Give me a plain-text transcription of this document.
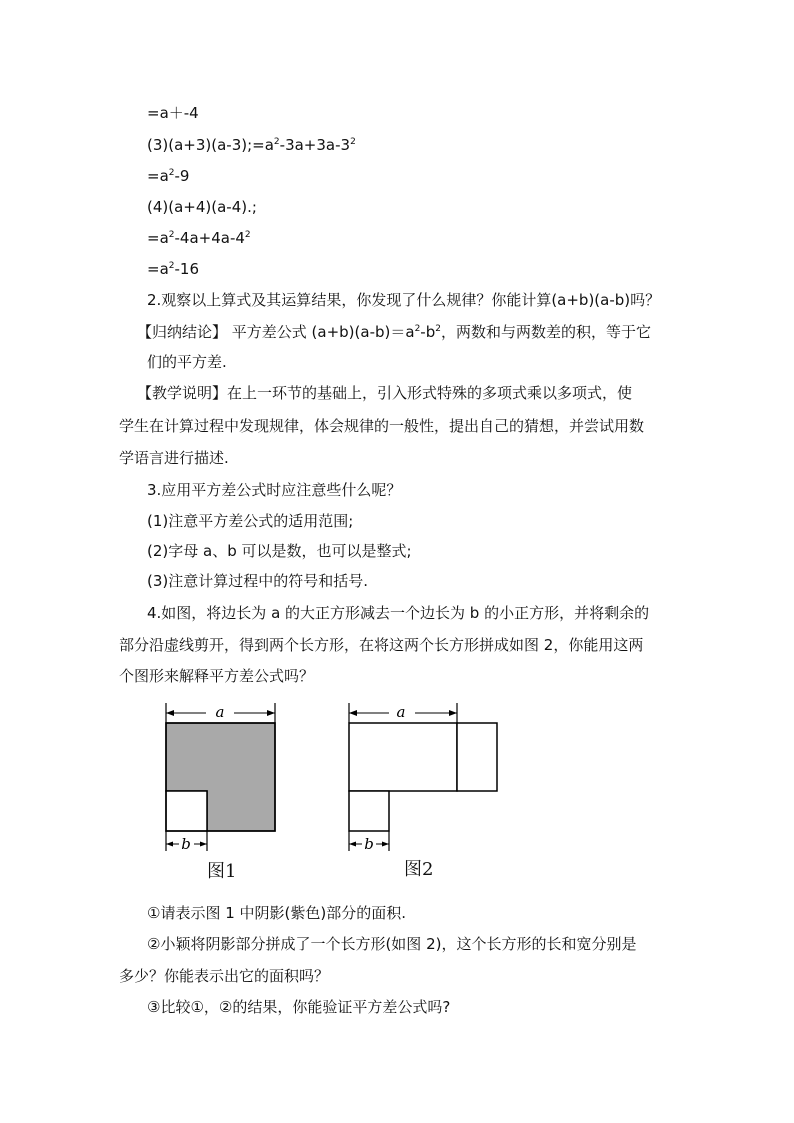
=a＋-4
$(3)(a+3)(a-3);=a^2-3a+3a-3^2$
$=a^2-9$
(4)(a+4)(a-4).;
$=a^2-4a+4a-4^2$
$=a^2-16$
2.观察以上算式及其运算结果，你发现了什么规律？你能计算(a+b)(a-b)吗？
【归纳结论】 平方差公式 $(a+b)(a-b)=a^2-b^2$，两数和与两数差的积，等于它
们的平方差.
【教学说明】在上一环节的基础上，引入形式特殊的多项式乘以多项式，使
学生在计算过程中发现规律，体会规律的一般性，提出自己的猜想，并尝试用数
学语言进行描述.
3.应用平方差公式时应注意些什么呢？
(1)注意平方差公式的适用范围;
(2)字母 a、b 可以是数，也可以是整式;
(3)注意计算过程中的符号和括号.
4.如图，将边长为 a 的大正方形减去一个边长为 b 的小正方形，并将剩余的
部分沿虚线剪开，得到两个长方形，在将这两个长方形拼成如图 2，你能用这两
个图形来解释平方差公式吗？
a
b
图1
a
b
图2
①请表示图 1 中阴影(紫色)部分的面积.
②小颖将阴影部分拼成了一个长方形(如图 2)，这个长方形的长和宽分别是
多少？你能表示出它的面积吗？
③比较①，②的结果，你能验证平方差公式吗?
